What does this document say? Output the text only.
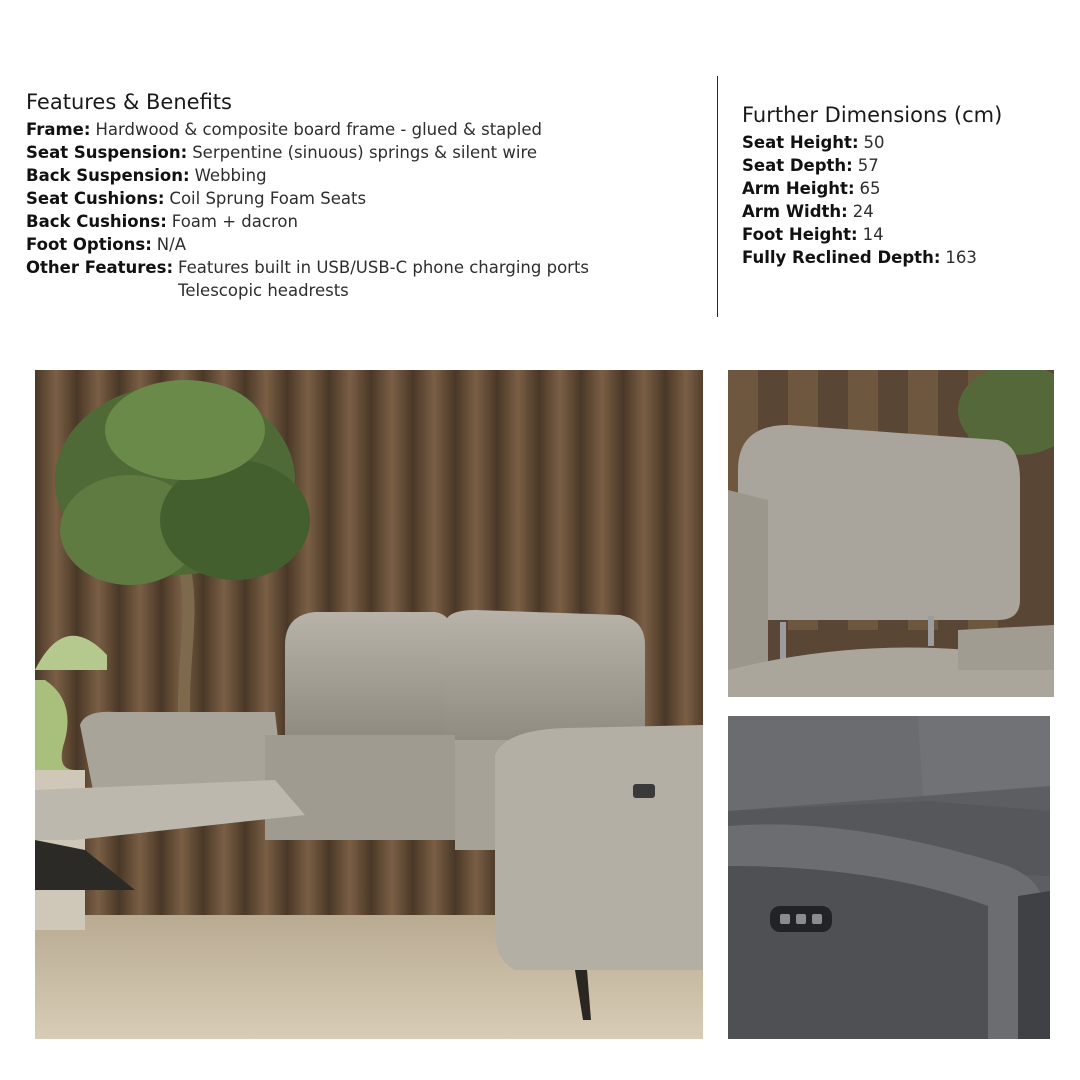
Features & Benefits
Frame: Hardwood & composite board frame - glued & stapled
Seat Suspension: Serpentine (sinuous) springs & silent wire
Back Suspension: Webbing
Seat Cushions: Coil Sprung Foam Seats
Back Cushions: Foam + dacron
Foot Options: N/A
Other Features: Features built in USB/USB-C phone charging ports
Telescopic headrests
Further Dimensions (cm)
Seat Height: 50
Seat Depth: 57
Arm Height: 65
Arm Width: 24
Foot Height: 14
Fully Reclined Depth: 163
